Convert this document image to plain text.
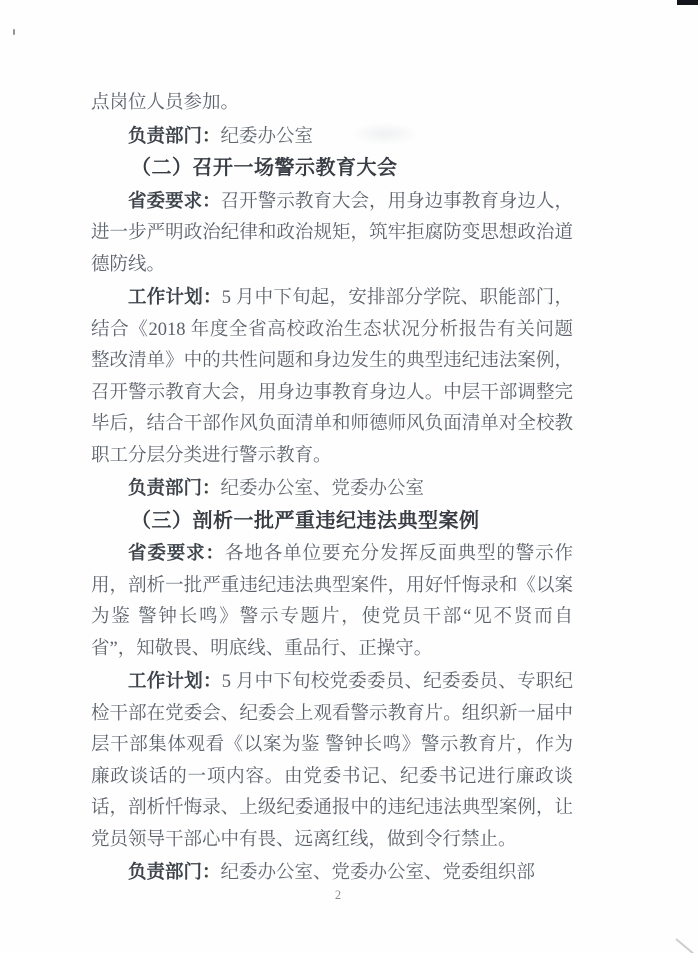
点岗位人员参加。

负责部门：纪委办公室

（二）召开一场警示教育大会

省委要求：召开警示教育大会，用身边事教育身边人，进一步严明政治纪律和政治规矩，筑牢拒腐防变思想政治道德防线。

工作计划：5 月中下旬起，安排部分学院、职能部门，结合《2018 年度全省高校政治生态状况分析报告有关问题整改清单》中的共性问题和身边发生的典型违纪违法案例，召开警示教育大会，用身边事教育身边人。中层干部调整完毕后，结合干部作风负面清单和师德师风负面清单对全校教职工分层分类进行警示教育。

负责部门：纪委办公室、党委办公室

（三）剖析一批严重违纪违法典型案例

省委要求：各地各单位要充分发挥反面典型的警示作用，剖析一批严重违纪违法典型案件，用好忏悔录和《以案为鉴 警钟长鸣》警示专题片，使党员干部“见不贤而自省”，知敬畏、明底线、重品行、正操守。

工作计划：5 月中下旬校党委委员、纪委委员、专职纪检干部在党委会、纪委会上观看警示教育片。组织新一届中层干部集体观看《以案为鉴 警钟长鸣》警示教育片，作为廉政谈话的一项内容。由党委书记、纪委书记进行廉政谈话，剖析忏悔录、上级纪委通报中的违纪违法典型案例，让党员领导干部心中有畏、远离红线，做到令行禁止。

负责部门：纪委办公室、党委办公室、党委组织部

2
